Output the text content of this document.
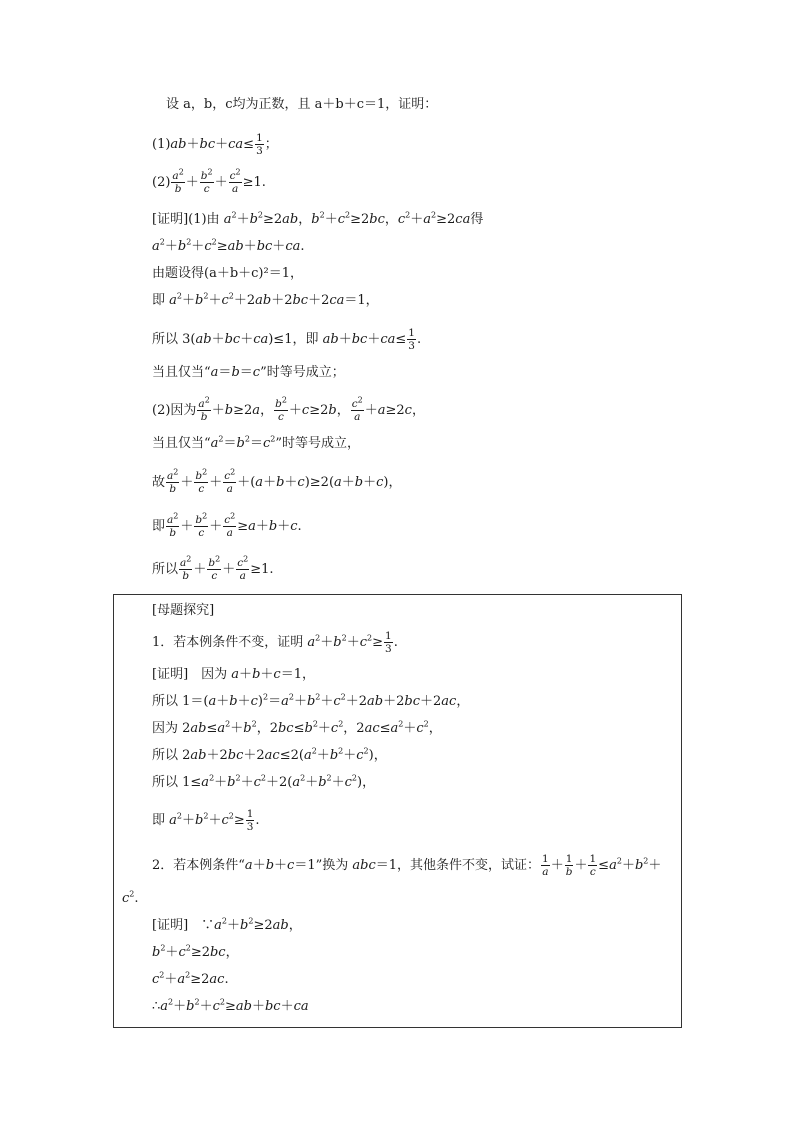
设 a，b，c均为正数，且 a＋b＋c＝1，证明：
$(1)ab+bc+ca\le \frac{1}{3}$ ；
$(2) \frac{a^2}{b} + \frac{b^2}{c} + \frac{c^2}{a} \ge 1$.
[证明](1)由 $a^2+b^2\ge 2ab$，$b^2+c^2\ge 2bc$，$c^2+a^2\ge 2ca$得
$a^2+b^2+c^2\ge ab+bc+ca$.
由题设得(a＋b＋c)²＝1，
即 $a^2+b^2+c^2+2ab+2bc+2ca=1$，
所以 3(ab＋bc＋ca)≤1，即 $ab+bc+ca\le \frac{1}{3}$ .
当且仅当“a＝b＝c”时等号成立；
(2)因为 $\frac{a^2}{b} +b\ge 2a$， $\frac{b^2}{c} +c\ge 2b$， $\frac{c^2}{a} +a\ge 2c$，
当且仅当“$a^2=b^2=c^2$”时等号成立，
故 $\frac{a^2}{b} + \frac{b^2}{c} + \frac{c^2}{a} +(a+b+c)\ge 2(a+b+c)$，
即 $\frac{a^2}{b} + \frac{b^2}{c} + \frac{c^2}{a} \ge a+b+c$.
所以 $\frac{a^2}{b} + \frac{b^2}{c} + \frac{c^2}{a} \ge 1$.
[母题探究]
1．若本例条件不变，证明 $a^2+b^2+c^2\ge \frac{1}{3}$ .
[证明]　因为 a＋b＋c＝1，
所以 $1=(a+b+c)^2=a^2+b^2+c^2+2ab+2bc+2ac$，
因为 $2ab\le a^2+b^2$，$2bc\le b^2+c^2$，$2ac\le a^2+c^2$，
所以 $2ab+2bc+2ac\le 2(a^2+b^2+c^2)$，
所以 $1\le a^2+b^2+c^2+2(a^2+b^2+c^2)$，
即 $a^2+b^2+c^2\ge \frac{1}{3}$ .
2．若本例条件“a＋b＋c＝1”换为 abc＝1，其他条件不变，试证： $\frac{1}{a} + \frac{1}{b} + \frac{1}{c} \le a^2+b^2+$
$c^2$.
[证明]　$\because a^2+b^2\ge 2ab$，
$b^2+c^2\ge 2bc$，
$c^2+a^2\ge 2ac$.
$\therefore a^2+b^2+c^2\ge ab+bc+ca$
